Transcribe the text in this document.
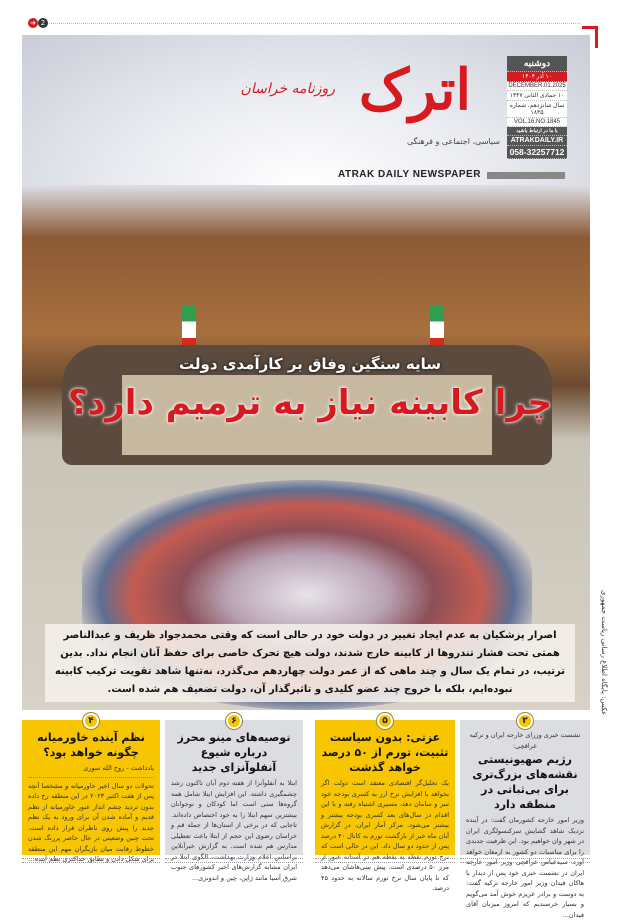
➜ 2
اترک
روزنامه خراسان
سیاسی، اجتماعی و فرهنگی
ATRAK DAILY NEWSPAPER
دوشنبه
۱۰ آذر ۱۴۰۴
DECEMBER.01.2025
۱۰ جمادی الثانی ۱۴۴۷
سال شانزدهم، شماره ۱۸۴۵
VOL.16,NO.1845
با ما در ارتباط باشید
ATRAKDAILY.IR
058-32257712
سایه سنگین وفاق بر کارآمدی دولت
چرا کابینه نیاز به ترمیم دارد؟
اصرار پزشکیان به عدم ایجاد تغییر در دولت خود در حالی است که وقتی محمدجواد ظریف و عبدالناصر همتی تحت فشار تندروها از کابینه خارج شدند، دولت هیچ تحرک خاصی برای حفظ آنان انجام نداد. بدین ترتیب، در تمام یک سال و چند ماهی که از عمر دولت چهاردهم می‌گذرد، نه‌تنها شاهد تقویت ترکیب کابینه نبوده‌ایم، بلکه با خروج چند عضو کلیدی و تاثیرگذار آن، دولت تضعیف هم شده است.	عکس: پایگاه اطلاع رسانی ریاست جمهوری
۲
نشست خبری وزرای خارجه ایران و ترکیه عراقچی:
رژیم صهیونیستی نقشه‌های بزرگ‌تری برای بی‌ثباتی در منطقه دارد

وزیر امور خارجه کشورمان گفت: در آینده نزدیک شاهد گشایش سرکنسولگری ایران در شهر وان خواهیم بود. این ظرفیت جدیدی را برای مناسبات دو کشور به ارمغان خواهد آورد. سیدعباس عراقچی وزیر امور خارجه ایران در نشست خبری خود پس از دیدار با هاکان فیدان وزیر امور خارجه ترکیه گفت: به دوست و برادر عزیزم خوش آمد می‌گویم و بسیار خرسندیم که امروز میزبان آقای فیدان...

۵
عزتی: بدون سیاست تثبیت، تورم از ۵۰ درصد خواهد گذشت

یک تحلیل‌گر اقتصادی معتقد است دولت اگر بخواهد با افزایش نرخ ارز به کسری بودجه خود سر و سامان دهد، مسیری اشتباه رفته و با این اقدام در سال‌های بعد کسری بودجه بیشتر و بیشتر می‌شود. مرکز آمار ایران، در گزارش آبان ماه خبر از بازگشت تورم به کانال ۴۰ درصد پس از حدود دو سال داد. این در حالی است که نرخ تورم نقطه به نقطه هم در آستانه عبور از مرز ۵۰ درصدی است. پیش بینی‌هاشان می‌دهد که تا پایان سال نرخ تورم سالانه به حدود ۴۵ درصد.

۶
توصیه‌های مینو محرز درباره شیوع آنفلوآنزای جدید

ابتلا به آنفلوآنزا از هفته دوم آبان تاکنون رشد چشمگیری داشته. این افزایش ابتلا شامل همه گروه‌ها سنی است اما کودکان و نوجوانان بیشترین سهم ابتلا را به خود اختصاص داده‌اند. تاجایی که در برخی از استان‌ها از جمله قم و خراسان رضوی این حجم از ابتلا باعث تعطیلی مدارس هم شده است. به گزارش خبرآنلاین براساس اعلام وزارت بهداشت، الگوی ابتلا در ایران مشابه گزارش‌های اخیر کشورهای جنوب شرق آسیا مانند ژاپن، چین و اندونزی...

۴
نظم آینده خاورمیانه چگونه خواهد بود؟
یادداشت - روح الله سوری

تحولات دو سال اخیر خاورمیانه و مشخصا آنچه پس از هفت اکتبر ۲۰۲۳ در این منطقه رخ داده بدون تردید چشم انداز عبور خاورمیانه از نظم قدیم و آماده شدن آن برای ورود به یک نظم جدید را پیش روی ناظران قرار داده است. تحت چنین وضعیتی در حال حاضر پررنگ شدن خطوط رقابت میان بازیگران مهم این منطقه برای شکل دادن و تطابق حداکثری نظم آینده...
